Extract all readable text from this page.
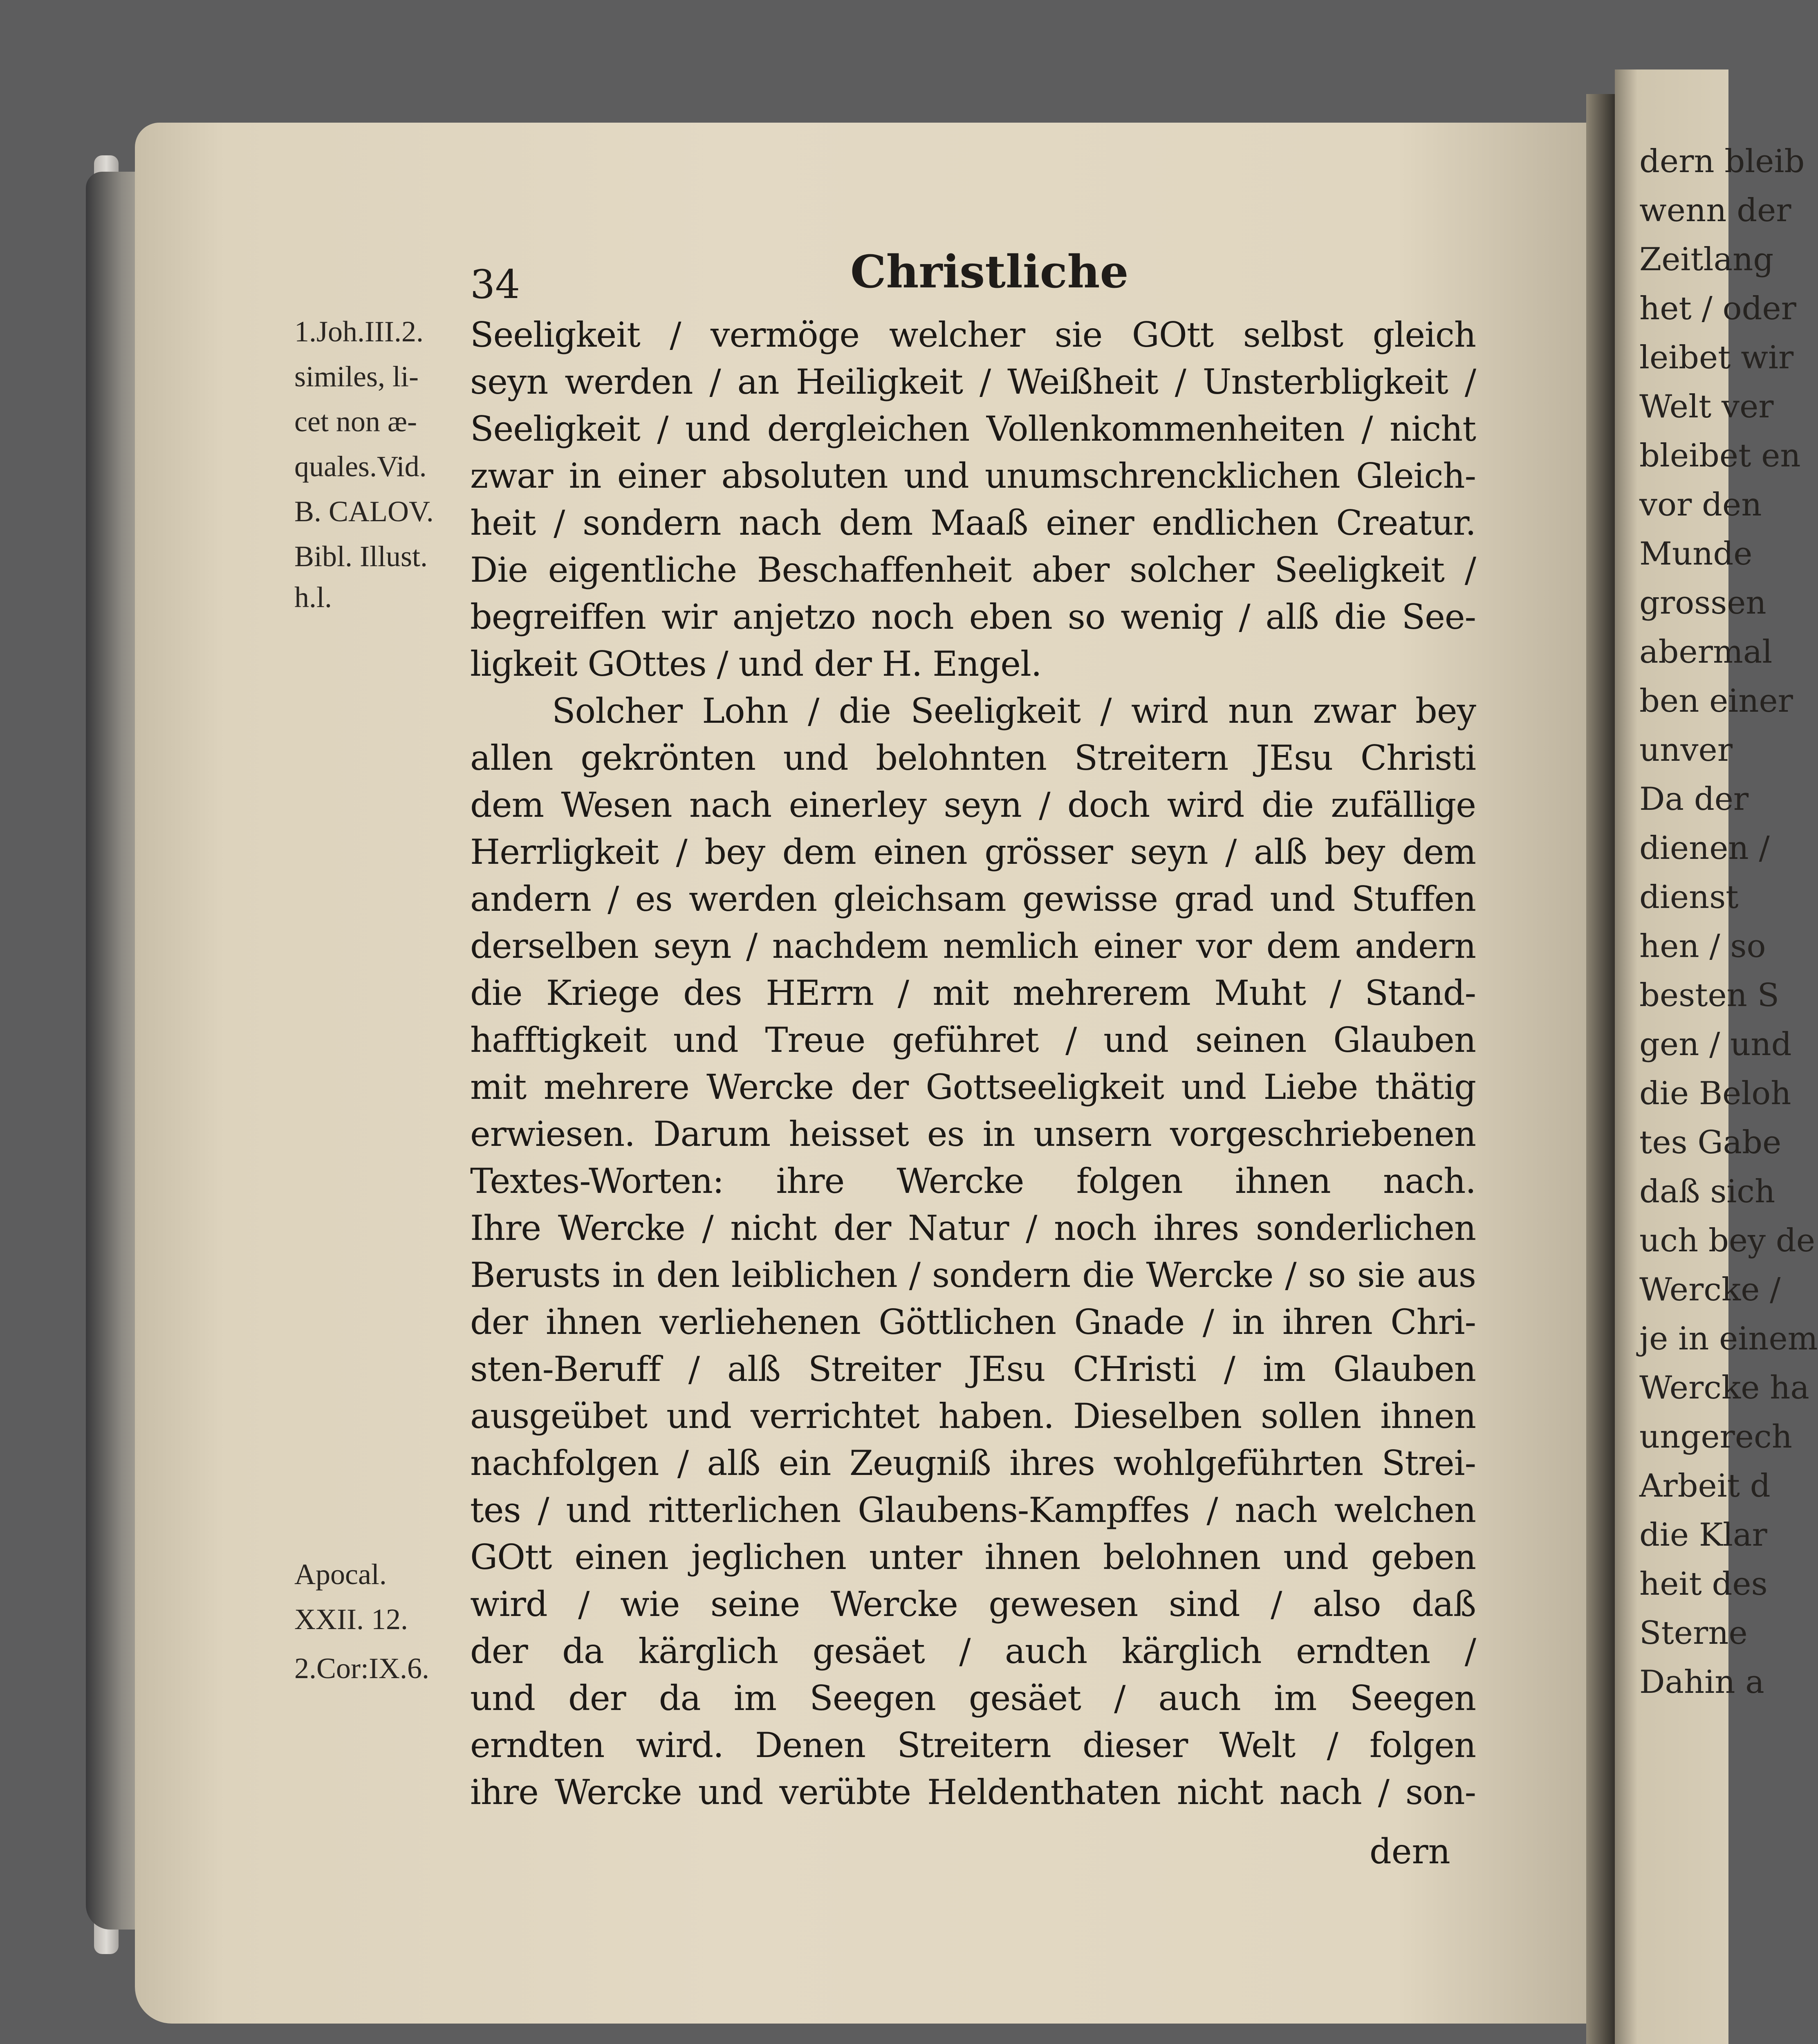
dern bleib
wenn der
Zeitlang
het / oder
leibet wir
Welt ver
bleibet en
vor den
Munde
grossen
abermal
ben einer
unver
Da der
dienen /
dienst
hen / so
besten S
gen / und
die Beloh
tes Gabe
daß sich
uch bey de
Wercke /
je in einem
Wercke ha
ungerech
Arbeit d
die Klar
heit des
Sterne
Dahin a
34	Christliche
1.Joh.III.2.
similes, li-
cet non æ-
quales.Vid.
B. CALOV.
Bibl. Illust.
h.l.
Apocal.
XXII. 12.
2.Cor:IX.6.
Seeligkeit / vermöge welcher sie GOtt selbst gleich
seyn werden / an Heiligkeit / Weißheit / Unsterbligkeit /
Seeligkeit / und dergleichen Vollenkommenheiten / nicht
zwar in einer absoluten und unumschrencklichen Gleich-
heit / sondern nach dem Maaß einer endlichen Creatur.
Die eigentliche Beschaffenheit aber solcher Seeligkeit /
begreiffen wir anjetzo noch eben so wenig / alß die See-
ligkeit GOttes / und der H. Engel.
Solcher Lohn / die Seeligkeit / wird nun zwar bey
allen gekrönten und belohnten Streitern JEsu Christi
dem Wesen nach einerley seyn / doch wird die zufällige
Herrligkeit / bey dem einen grösser seyn / alß bey dem
andern / es werden gleichsam gewisse grad und Stuffen
derselben seyn / nachdem nemlich einer vor dem andern
die Kriege des HErrn / mit mehrerem Muht / Stand-
hafftigkeit und Treue geführet / und seinen Glauben
mit mehrere Wercke der Gottseeligkeit und Liebe thätig
erwiesen. Darum heisset es in unsern vorgeschriebenen
Textes-Worten: ihre Wercke folgen ihnen nach.
Ihre Wercke / nicht der Natur / noch ihres sonderlichen
Berusts in den leiblichen / sondern die Wercke / so sie aus
der ihnen verliehenen Göttlichen Gnade / in ihren Chri-
sten-Beruff / alß Streiter JEsu CHristi / im Glauben
ausgeübet und verrichtet haben. Dieselben sollen ihnen
nachfolgen / alß ein Zeugniß ihres wohlgeführten Strei-
tes / und ritterlichen Glaubens-Kampffes / nach welchen
GOtt einen jeglichen unter ihnen belohnen und geben
wird / wie seine Wercke gewesen sind / also daß
der da kärglich gesäet / auch kärglich erndten /
und der da im Seegen gesäet / auch im Seegen
erndten wird. Denen Streitern dieser Welt / folgen
ihre Wercke und verübte Heldenthaten nicht nach / son-
dern
